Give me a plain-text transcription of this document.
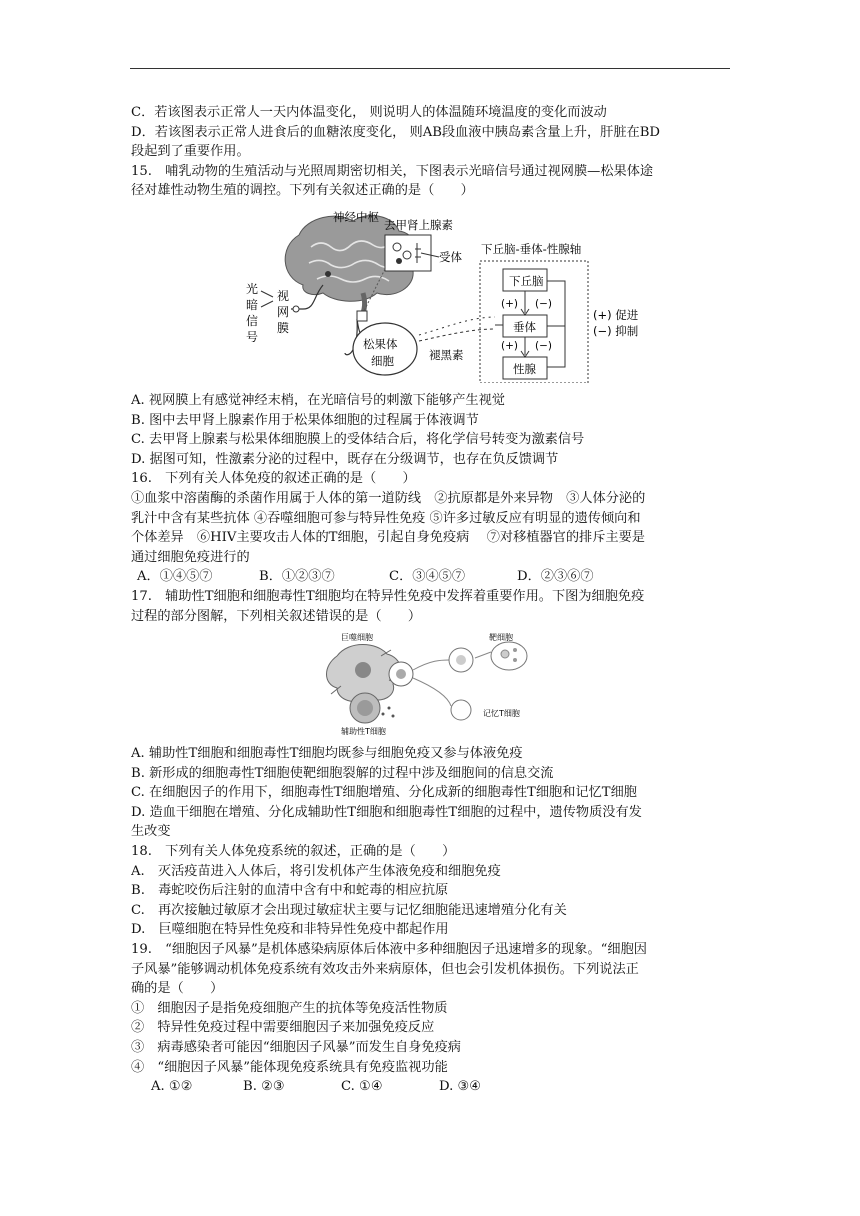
C．若该图表示正常人一天内体温变化， 则说明人的体温随环境温度的变化而波动
D．若该图表示正常人进食后的血糖浓度变化， 则AB段血液中胰岛素含量上升，肝脏在BD
段起到了重要作用。
15.　哺乳动物的生殖活动与光照周期密切相关，下图表示光暗信号通过视网膜—松果体途
径对雄性动物生殖的调控。下列有关叙述正确的是（　　）
神经中枢
光
暗
信
号
视
网
膜
去甲肾上腺素
受体
松果体
细胞	褪黑素
下丘脑-垂体-性腺轴
下丘脑
垂体
性腺
(+)
(+)
(−)
(−)
(+) 促进
(−) 抑制
A. 视网膜上有感觉神经末梢，在光暗信号的刺激下能够产生视觉
B. 图中去甲肾上腺素作用于松果体细胞的过程属于体液调节
C. 去甲肾上腺素与松果体细胞膜上的受体结合后，将化学信号转变为激素信号
D. 据图可知，性激素分泌的过程中，既存在分级调节，也存在负反馈调节
16.　下列有关人体免疫的叙述正确的是（　　）
①血浆中溶菌酶的杀菌作用属于人体的第一道防线　②抗原都是外来异物　③人体分泌的
乳汁中含有某些抗体 ④吞噬细胞可参与特异性免疫 ⑤许多过敏反应有明显的遗传倾向和
个体差异　⑥HIV主要攻击人体的T细胞，引起自身免疫病　 ⑦对移植器官的排斥主要是
通过细胞免疫进行的
A．①④⑤⑦	B．①②③⑦	C．③④⑤⑦	D．②③⑥⑦
17.　辅助性T细胞和细胞毒性T细胞均在特异性免疫中发挥着重要作用。下图为细胞免疫
过程的部分图解，下列相关叙述错误的是（　　）
巨噬细胞
辅助性T细胞
靶细胞
记忆T细胞
A. 辅助性T细胞和细胞毒性T细胞均既参与细胞免疫又参与体液免疫
B. 新形成的细胞毒性T细胞使靶细胞裂解的过程中涉及细胞间的信息交流
C. 在细胞因子的作用下，细胞毒性T细胞增殖、分化成新的细胞毒性T细胞和记忆T细胞
D. 造血干细胞在增殖、分化成辅助性T细胞和细胞毒性T细胞的过程中，遗传物质没有发
生改变
18.　下列有关人体免疫系统的叙述，正确的是（　　）
A.　灭活疫苗进入人体后，将引发机体产生体液免疫和细胞免疫
B.　毒蛇咬伤后注射的血清中含有中和蛇毒的相应抗原
C.　再次接触过敏原才会出现过敏症状主要与记忆细胞能迅速增殖分化有关
D.　巨噬细胞在特异性免疫和非特异性免疫中都起作用
19.　“细胞因子风暴”是机体感染病原体后体液中多种细胞因子迅速增多的现象。“细胞因
子风暴”能够调动机体免疫系统有效攻击外来病原体，但也会引发机体损伤。下列说法正
确的是（　　）
①　细胞因子是指免疫细胞产生的抗体等免疫活性物质
②　特异性免疫过程中需要细胞因子来加强免疫反应
③　病毒感染者可能因“细胞因子风暴”而发生自身免疫病
④　“细胞因子风暴”能体现免疫系统具有免疫监视功能
A. ①②	B. ②③	C. ①④	D. ③④
